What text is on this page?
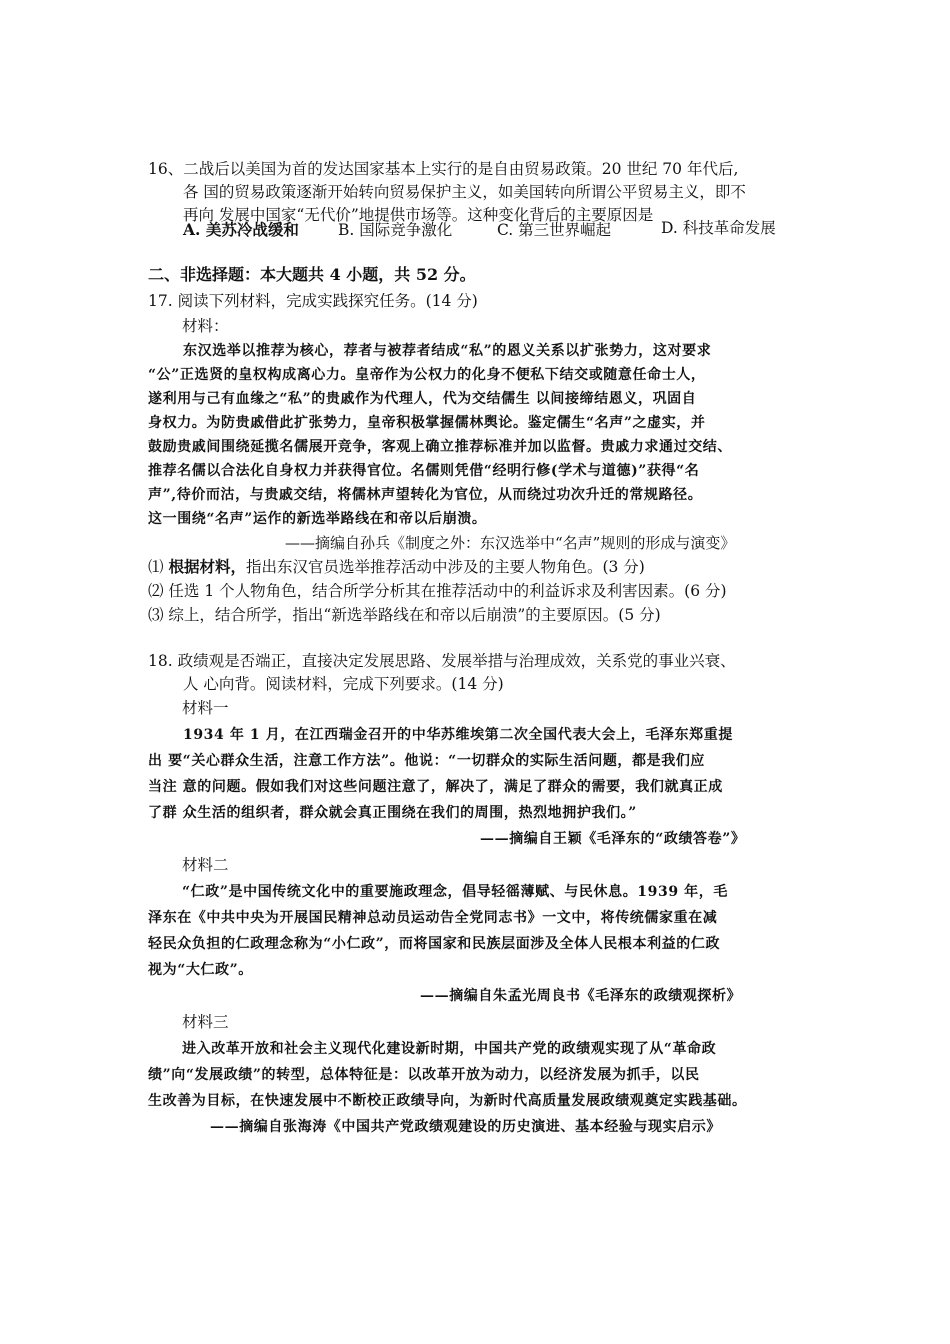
16、二战后以美国为首的发达国家基本上实行的是自由贸易政策。20 世纪 70 年代后,
各 国的贸易政策逐渐开始转向贸易保护主义，如美国转向所谓公平贸易主义，即不
再向 发展中国家“无代价”地提供市场等。这种变化背后的主要原因是
A. 美苏冷战缓和	B. 国际竞争激化	C. 第三世界崛起	D. 科技革命发展
二、非选择题：本大题共 4 小题，共 52 分。
17. 阅读下列材料，完成实践探究任务。(14 分)
材料：
东汉选举以推荐为核心，荐者与被荐者结成“私”的恩义关系以扩张势力，这对要求
“公”正选贤的皇权构成离心力。皇帝作为公权力的化身不便私下结交或随意任命士人，
遂利用与己有血缘之“私”的贵戚作为代理人，代为交结儒生 以间接缔结恩义，巩固自
身权力。为防贵戚借此扩张势力，皇帝积极掌握儒林舆论。鉴定儒生“名声”之虚实，并
鼓励贵戚间围绕延揽名儒展开竞争，客观上确立推荐标准并加以监督。贵戚力求通过交结、
推荐名儒以合法化自身权力并获得官位。名儒则凭借“经明行修(学术与道德)”获得“名
声”,待价而沽，与贵戚交结，将儒林声望转化为官位，从而绕过功次升迁的常规路径。
这一围绕“名声”运作的新选举路线在和帝以后崩溃。
——摘编自孙兵《制度之外：东汉选举中“名声”规则的形成与演变》
⑴ 根据材料，指出东汉官员选举推荐活动中涉及的主要人物角色。(3 分)
⑵ 任选 1 个人物角色，结合所学分析其在推荐活动中的利益诉求及利害因素。(6 分)
⑶ 综上，结合所学，指出“新选举路线在和帝以后崩溃”的主要原因。(5 分)
18. 政绩观是否端正，直接决定发展思路、发展举措与治理成效，关系党的事业兴衰、
人 心向背。阅读材料，完成下列要求。(14 分)
材料一
1934 年 1 月，在江西瑞金召开的中华苏维埃第二次全国代表大会上，毛泽东郑重提
出 要“关心群众生活，注意工作方法”。他说：“一切群众的实际生活问题，都是我们应
当注 意的问题。假如我们对这些问题注意了，解决了，满足了群众的需要，我们就真正成
了群 众生活的组织者，群众就会真正围绕在我们的周围，热烈地拥护我们。”
——摘编自王颖《毛泽东的“政绩答卷”》
材料二
“仁政”是中国传统文化中的重要施政理念，倡导轻徭薄赋、与民休息。1939 年，毛
泽东在《中共中央为开展国民精神总动员运动告全党同志书》一文中，将传统儒家重在减
轻民众负担的仁政理念称为“小仁政”，而将国家和民族层面涉及全体人民根本利益的仁政
视为“大仁政”。
——摘编自朱孟光周良书《毛泽东的政绩观探析》
材料三
进入改革开放和社会主义现代化建设新时期，中国共产党的政绩观实现了从“革命政
绩”向“发展政绩”的转型，总体特征是：以改革开放为动力，以经济发展为抓手，以民
生改善为目标，在快速发展中不断校正政绩导向，为新时代高质量发展政绩观奠定实践基础。
——摘编自张海涛《中国共产党政绩观建设的历史演进、基本经验与现实启示》
